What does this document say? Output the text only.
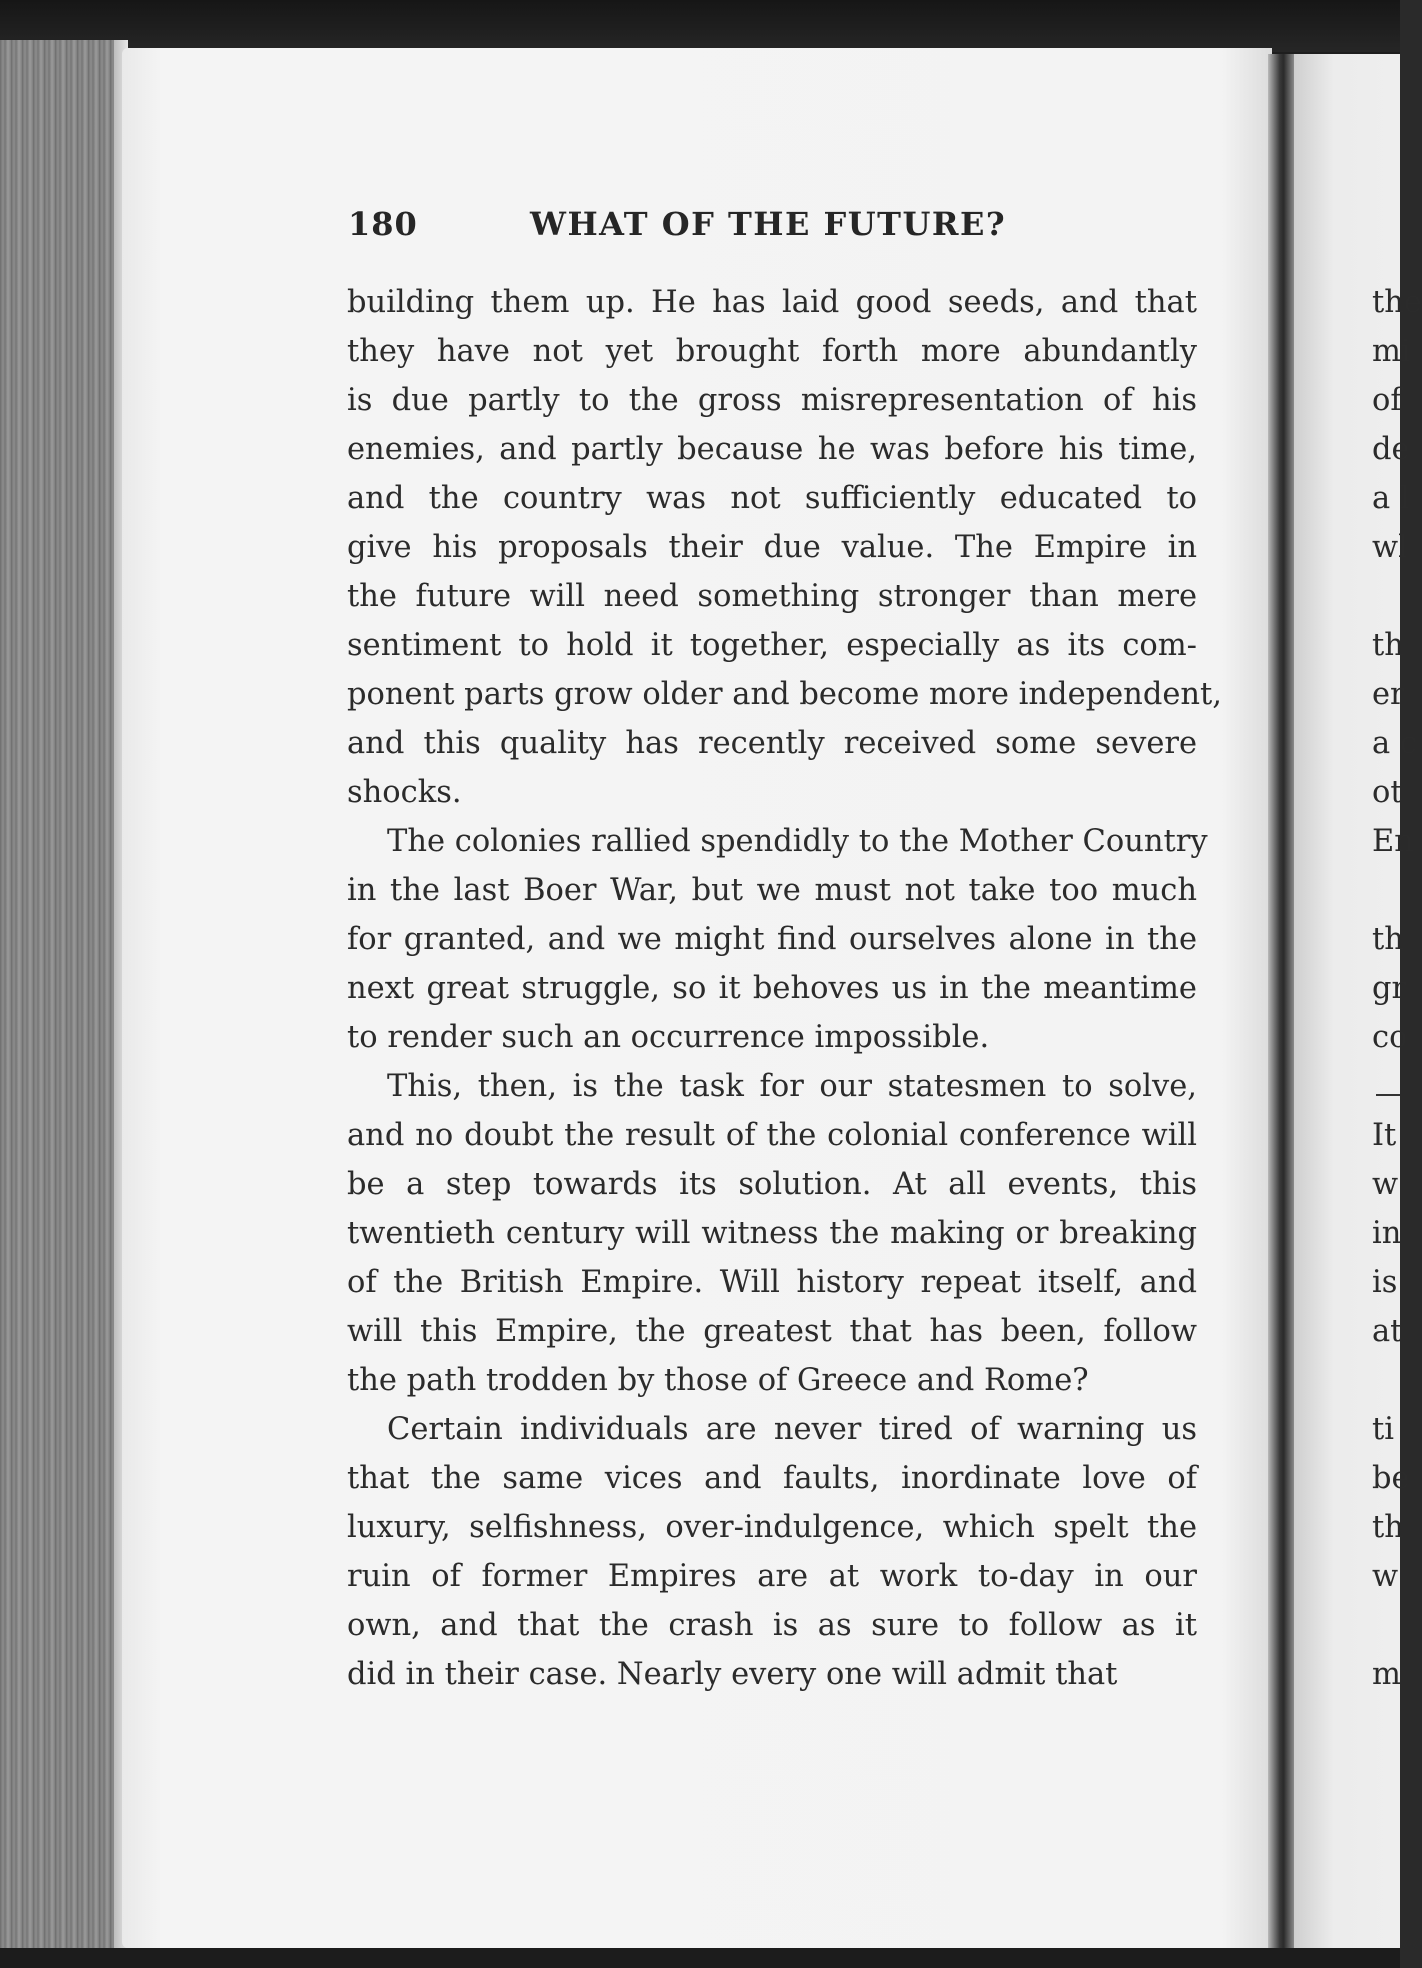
180	WHAT OF THE FUTURE?
building them up. He has laid good seeds, and that
they have not yet brought forth more abundantly
is due partly to the gross misrepresentation of his
enemies, and partly because he was before his time,
and the country was not sufficiently educated to
give his proposals their due value. The Empire in
the future will need something stronger than mere
sentiment to hold it together, especially as its com-
ponent parts grow older and become more independent,
and this quality has recently received some severe
shocks.
The colonies rallied spendidly to the Mother Country
in the last Boer War, but we must not take too much
for granted, and we might find ourselves alone in the
next great struggle, so it behoves us in the meantime
to render such an occurrence impossible.
This, then, is the task for our statesmen to solve,
and no doubt the result of the colonial conference will
be a step towards its solution. At all events, this
twentieth century will witness the making or breaking
of the British Empire. Will history repeat itself, and
will this Empire, the greatest that has been, follow
the path trodden by those of Greece and Rome?
Certain individuals are never tired of warning us
that the same vices and faults, inordinate love of
luxury, selfishness, over-indulgence, which spelt the
ruin of former Empires are at work to-day in our
own, and that the crash is as sure to follow as it
did in their case. Nearly every one will admit that
the
mi
of
de
a l
wl
th
er
a c
ot
En
th
gr
co
It
w
in
is
at
ti
be
th
w
m
